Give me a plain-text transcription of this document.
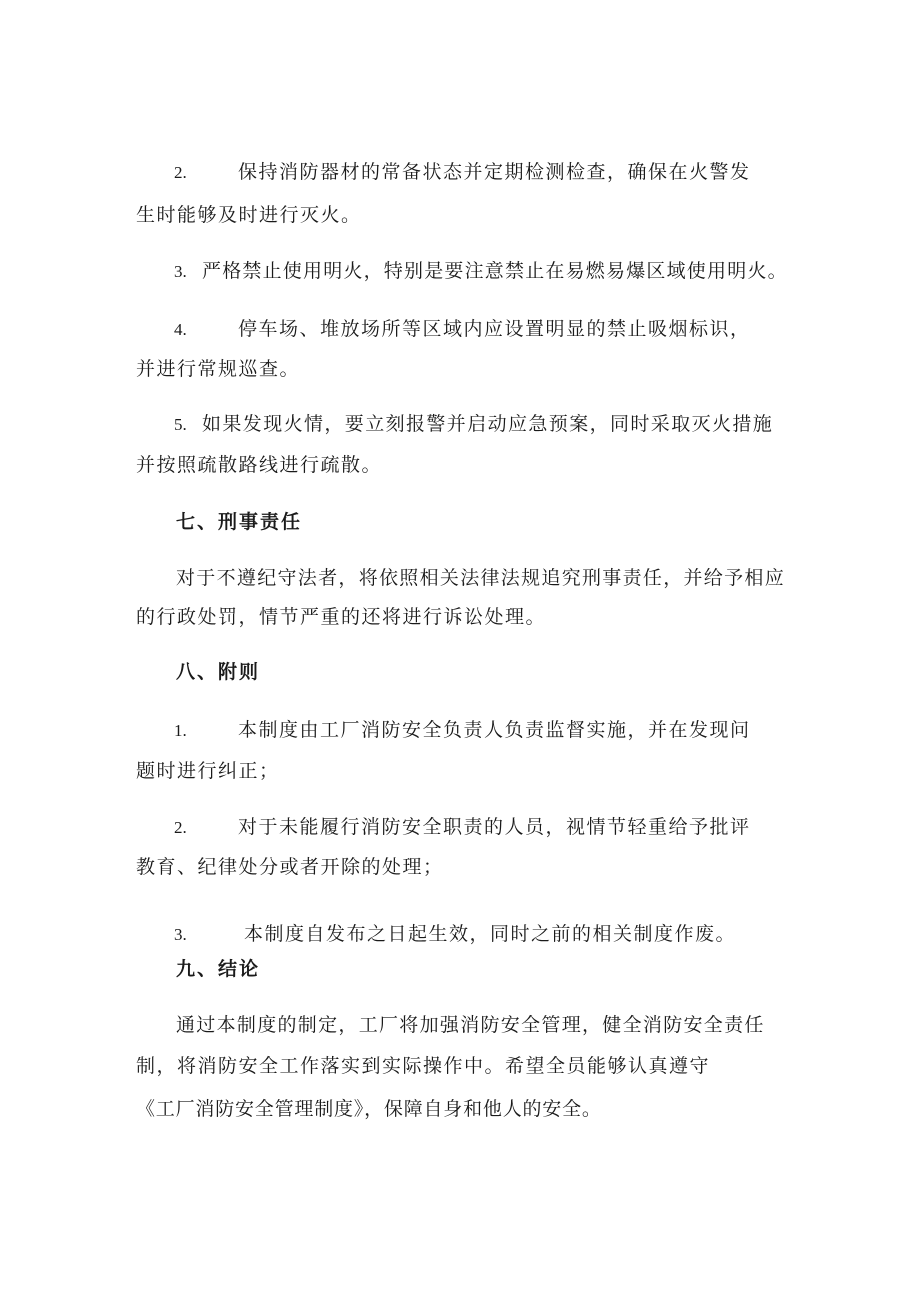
2.	保持消防器材的常备状态并定期检测检查，确保在火警发
生时能够及时进行灭火。
3. 严格禁止使用明火，特别是要注意禁止在易燃易爆区域使用明火。
4.	停车场、堆放场所等区域内应设置明显的禁止吸烟标识，
并进行常规巡查。
5. 如果发现火情，要立刻报警并启动应急预案，同时采取灭火措施
并按照疏散路线进行疏散。
七、刑事责任
对于不遵纪守法者，将依照相关法律法规追究刑事责任，并给予相应
的行政处罚，情节严重的还将进行诉讼处理。
八、附则
1.	本制度由工厂消防安全负责人负责监督实施，并在发现问
题时进行纠正；
2.	对于未能履行消防安全职责的人员，视情节轻重给予批评
教育、纪律处分或者开除的处理；
3.	本制度自发布之日起生效，同时之前的相关制度作废。
九、结论
通过本制度的制定，工厂将加强消防安全管理，健全消防安全责任
制，将消防安全工作落实到实际操作中。希望全员能够认真遵守
《工厂消防安全管理制度》，保障自身和他人的安全。
